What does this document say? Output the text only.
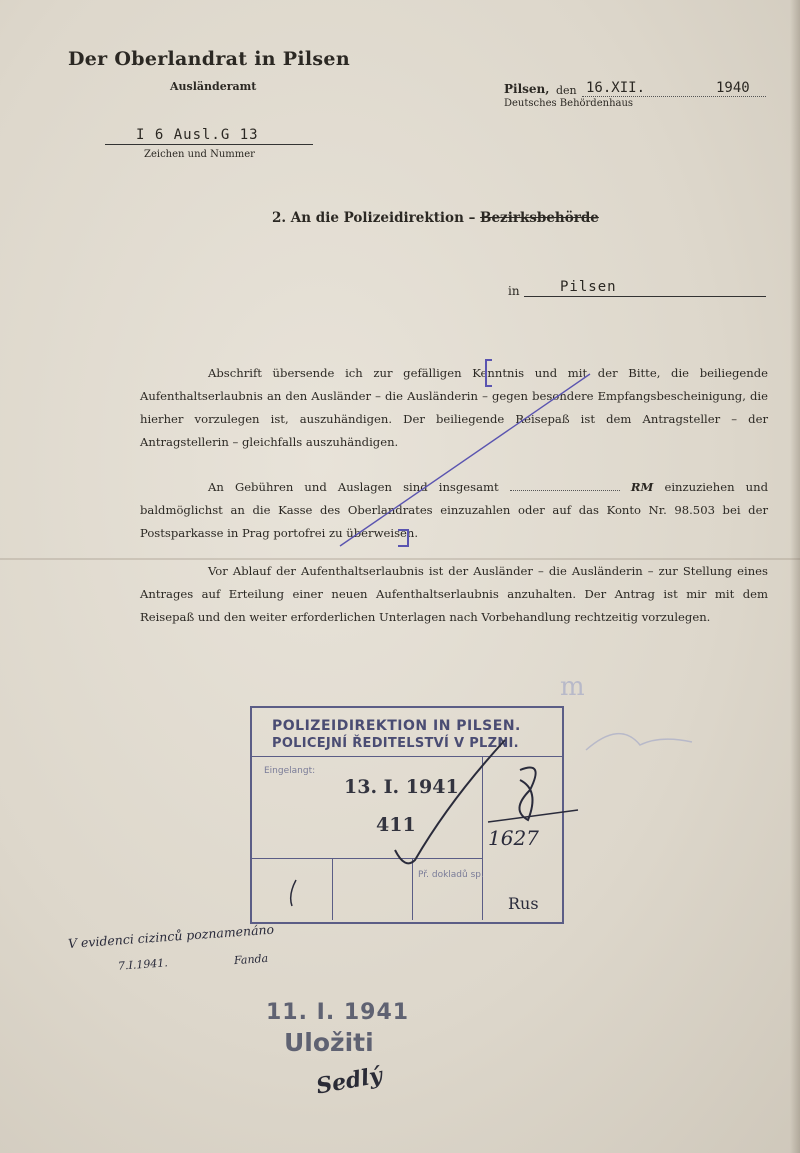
Der Oberlandrat in Pilsen
Ausländeramt	Pilsen, den 16.XII.	1940
Deutsches Behördenhaus
I 6 Ausl.G 13
Zeichen und Nummer
2. An die Polizeidirektion – Bezirksbehörde
in	Pilsen
Abschrift übersende ich zur gefälligen Kenntnis und mit der Bitte, die beiliegende Aufenthaltserlaubnis an den Ausländer – die Ausländerin – gegen besondere Empfangsbescheinigung, die hierher vorzulegen ist, auszuhändigen. Der beiliegende Reisepaß ist dem Antragsteller – der Antragstellerin – gleichfalls auszuhändigen.
An Gebühren und Auslagen sind insgesamt	RM einzuziehen und baldmöglichst an die Kasse des Oberlandrates einzuzahlen oder auf das Konto Nr. 98.503 bei der Postsparkasse in Prag portofrei zu überweisen.
Vor Ablauf der Aufenthaltserlaubnis ist der Ausländer – die Ausländerin – zur Stellung eines Antrages auf Erteilung einer neuen Aufenthaltserlaubnis anzuhalten. Der Antrag ist mir mit dem Reisepaß und den weiter erforderlichen Unterlagen nach Vorbehandlung rechtzeitig vorzulegen.
POLIZEIDIREKTION IN PILSEN.
POLICEJNÍ ŘEDITELSTVÍ V PLZNI.
Eingelangt:
13. I. 1941
411
Př. dokladů sp.
1627
m
Rus
V evidenci cizinců poznamenáno
7.I.1941.	Fanda
11. I. 1941
Uložiti
Sedlý
